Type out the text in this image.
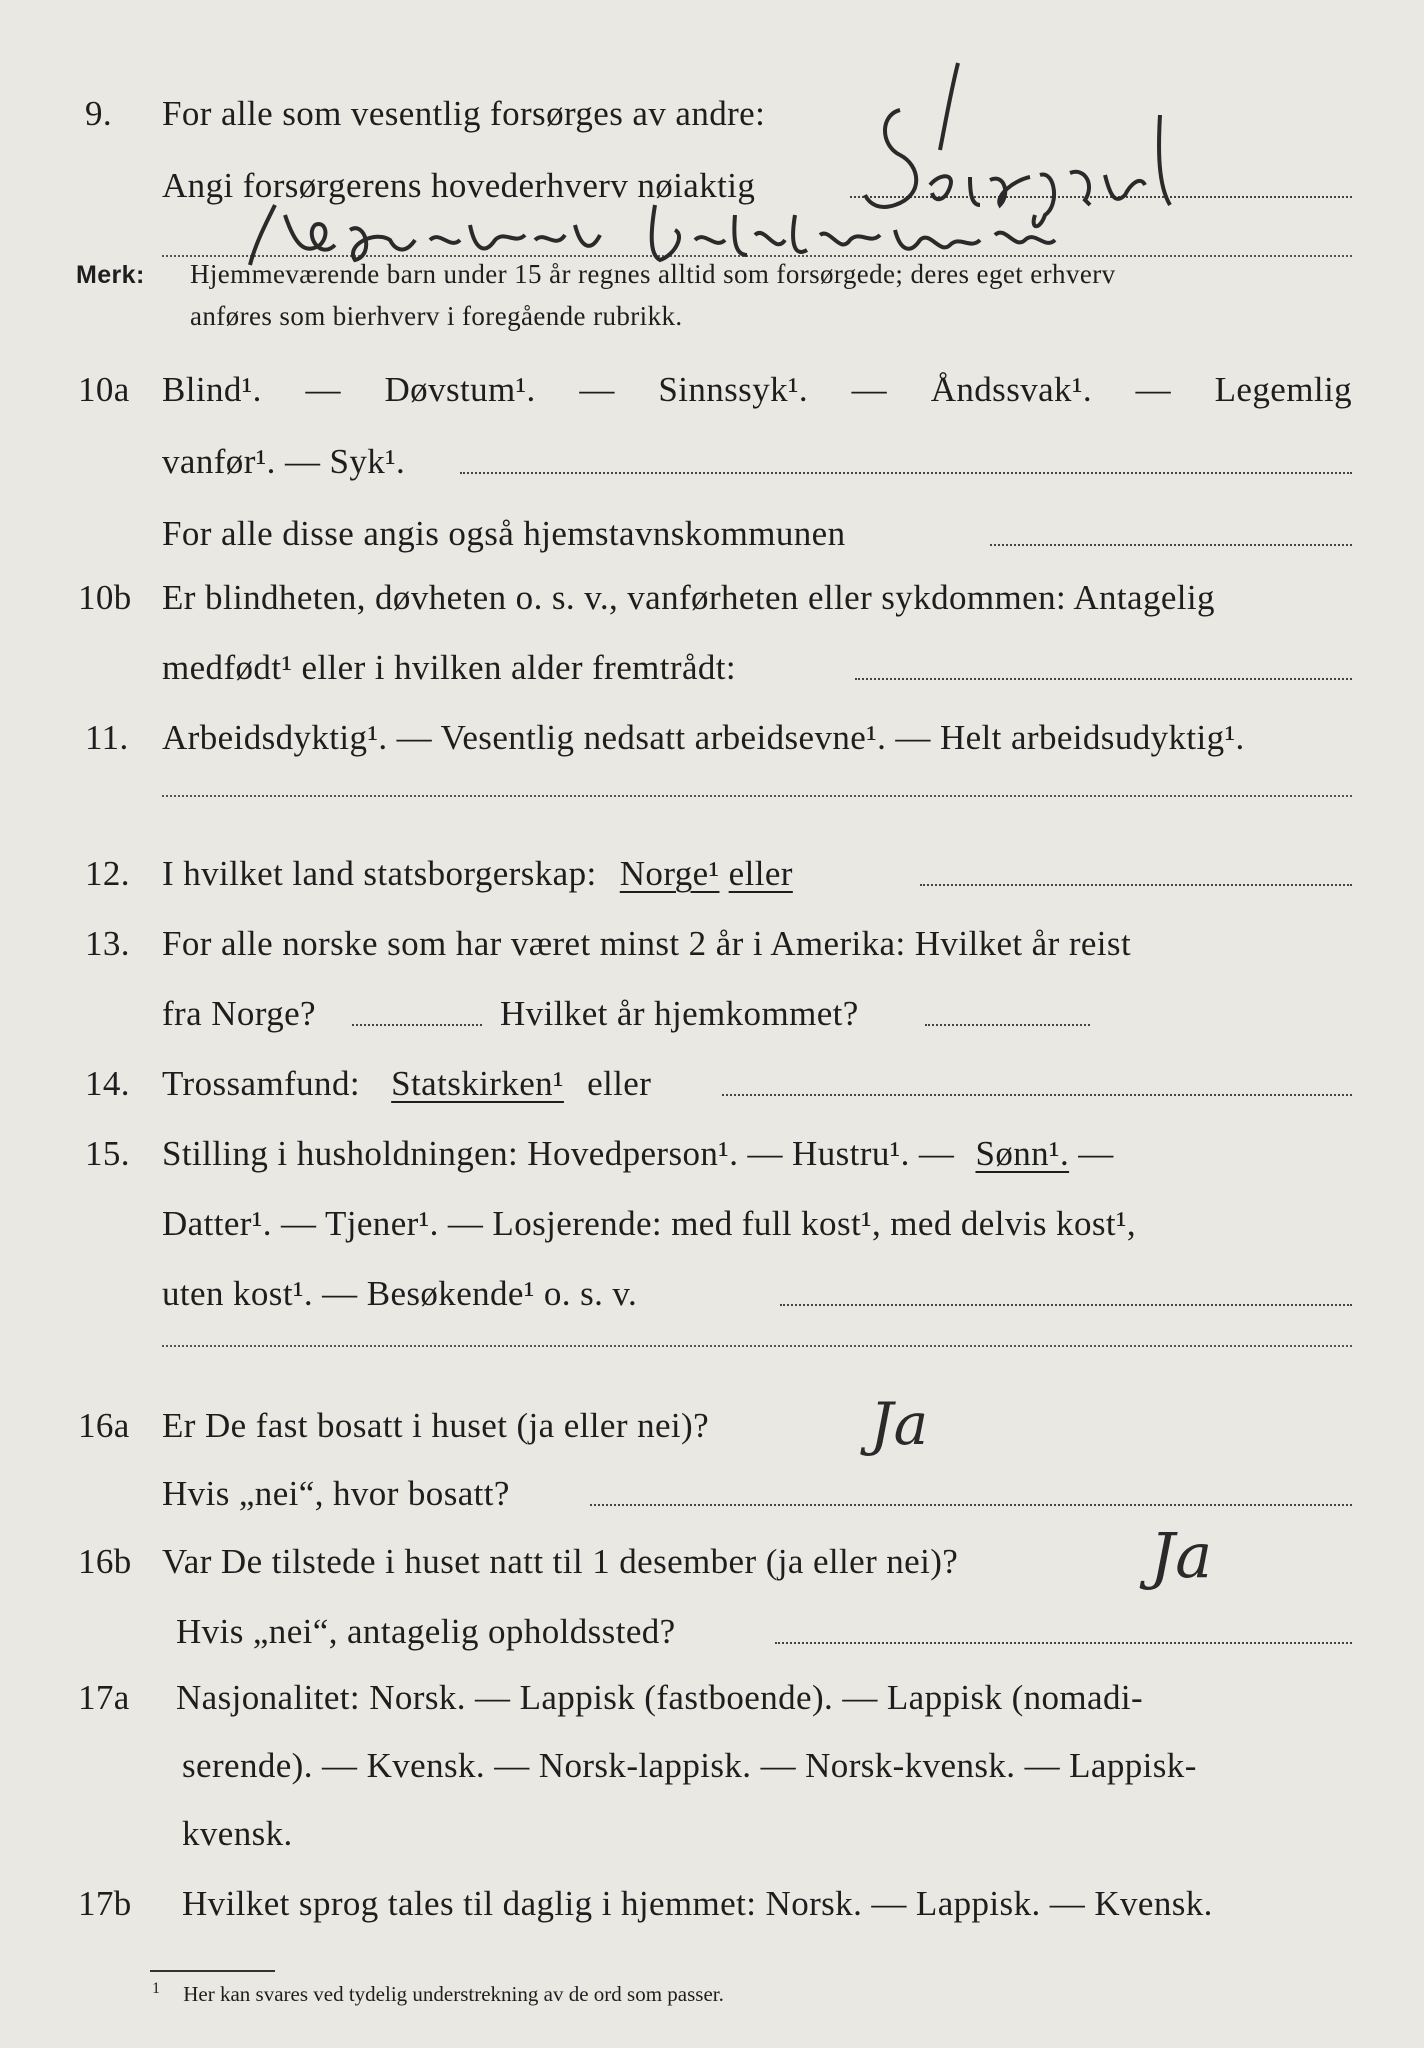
9. For alle som vesentlig forsørges av andre:
Angi forsørgerens hovederhverv nøiaktig
Merk: Hjemmeværende barn under 15 år regnes alltid som forsørgede; deres eget erhverv
anføres som bierhverv i foregående rubrikk.
10a Blind¹. — Døvstum¹. — Sinnssyk¹. — Åndssvak¹. — Legemlig
vanfør¹. — Syk¹.
For alle disse angis også hjemstavnskommunen
10b Er blindheten, døvheten o. s. v., vanførheten eller sykdommen: Antagelig
medfødt¹ eller i hvilken alder fremtrådt:
11. Arbeidsdyktig¹. — Vesentlig nedsatt arbeidsevne¹. — Helt arbeidsudyktig¹.
12. I hvilket land statsborgerskap: Norge¹ eller
13. For alle norske som har været minst 2 år i Amerika: Hvilket år reist
fra Norge?	Hvilket år hjemkommet?
14. Trossamfund: Statskirken¹ eller
15. Stilling i husholdningen: Hovedperson¹. — Hustru¹. — Sønn¹. —
Datter¹. — Tjener¹. — Losjerende: med full kost¹, med delvis kost¹,
uten kost¹. — Besøkende¹ o. s. v.
16a Er De fast bosatt i huset (ja eller nei)?	Ja
Hvis „nei“, hvor bosatt?
16b Var De tilstede i huset natt til 1 desember (ja eller nei)?	Ja
Hvis „nei“, antagelig opholdssted?
17a Nasjonalitet: Norsk. — Lappisk (fastboende). — Lappisk (nomadi-
serende). — Kvensk. — Norsk-lappisk. — Norsk-kvensk. — Lappisk-
kvensk.
17b Hvilket sprog tales til daglig i hjemmet: Norsk. — Lappisk. — Kvensk.
$^1$ Her kan svares ved tydelig understrekning av de ord som passer.
